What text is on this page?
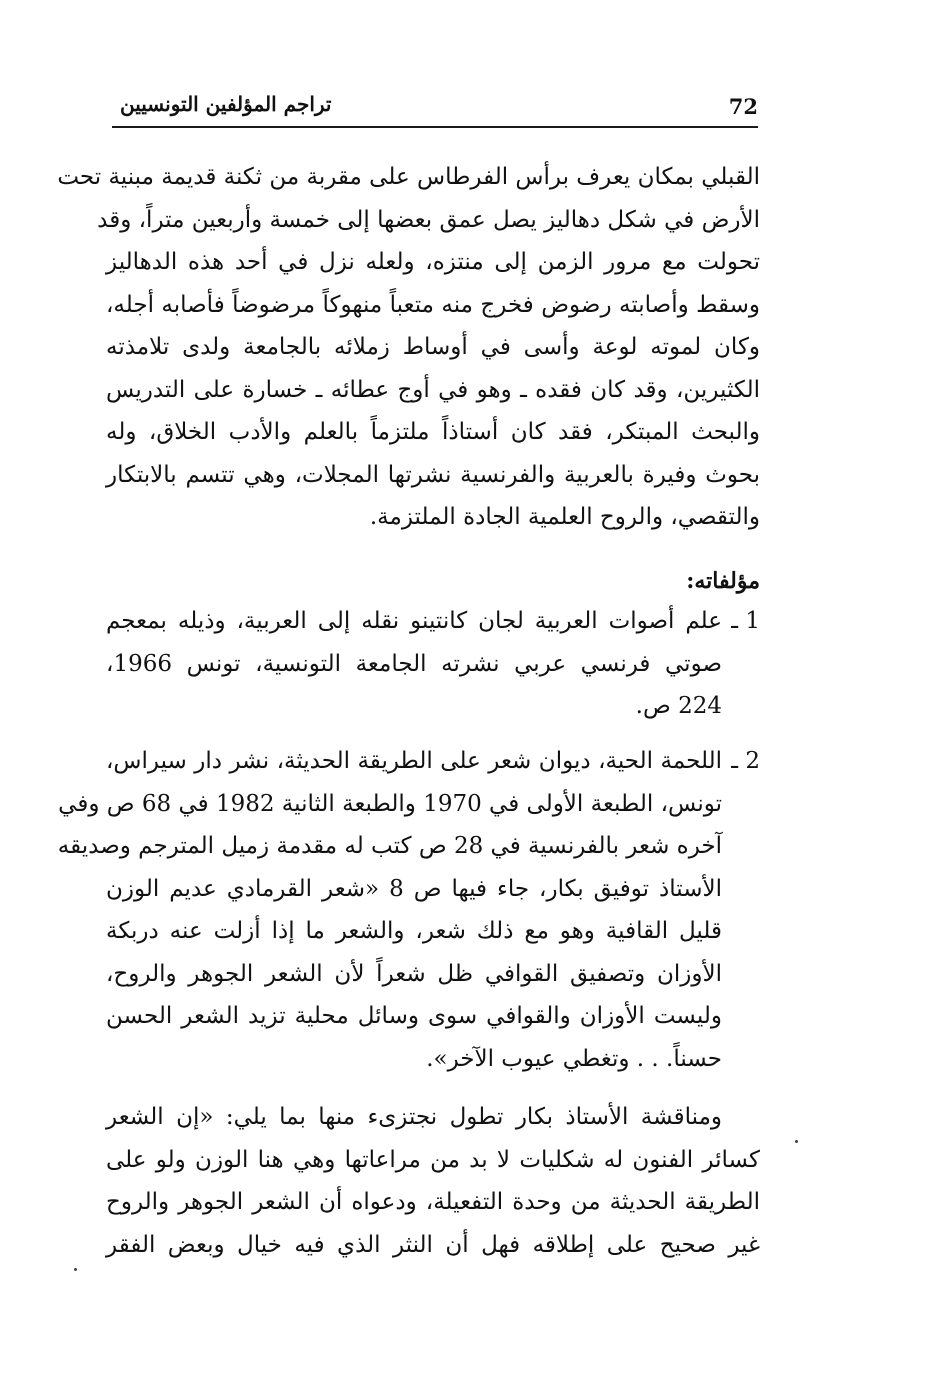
72
تراجم المؤلفين التونسيين
القبلي بمكان يعرف برأس الفرطاس على مقربة من ثكنة قديمة مبنية تحت
الأرض في شكل دهاليز يصل عمق بعضها إلى خمسة وأربعين متراً، وقد
تحولت مع مرور الزمن إلى منتزه، ولعله نزل في أحد هذه الدهاليز
وسقط وأصابته رضوض فخرج منه متعباً منهوكاً مرضوضاً فأصابه أجله،
وكان لموته لوعة وأسى في أوساط زملائه بالجامعة ولدى تلامذته
الكثيرين، وقد كان فقده ـ وهو في أوج عطائه ـ خسارة على التدريس
والبحث المبتكر، فقد كان أستاذاً ملتزماً بالعلم والأدب الخلاق، وله
بحوث وفيرة بالعربية والفرنسية نشرتها المجلات، وهي تتسم بالابتكار
والتقصي، والروح العلمية الجادة الملتزمة.
مؤلفاته:
1 ـ
علم أصوات العربية لجان كانتينو نقله إلى العربية، وذيله بمعجم
صوتي فرنسي عربي نشرته الجامعة التونسية، تونس 1966،
224 ص.
2 ـ
اللحمة الحية، ديوان شعر على الطريقة الحديثة، نشر دار سيراس،
تونس، الطبعة الأولى في 1970 والطبعة الثانية 1982 في 68 ص وفي
آخره شعر بالفرنسية في 28 ص كتب له مقدمة زميل المترجم وصديقه
الأستاذ توفيق بكار، جاء فيها ص 8 «شعر القرمادي عديم الوزن
قليل القافية وهو مع ذلك شعر، والشعر ما إذا أزلت عنه دربكة
الأوزان وتصفيق القوافي ظل شعراً لأن الشعر الجوهر والروح،
وليست الأوزان والقوافي سوى وسائل محلية تزيد الشعر الحسن
حسناً. . . وتغطي عيوب الآخر».
ومناقشة الأستاذ بكار تطول نجتزىء منها بما يلي: «إن الشعر
كسائر الفنون له شكليات لا بد من مراعاتها وهي هنا الوزن ولو على
الطريقة الحديثة من وحدة التفعيلة، ودعواه أن الشعر الجوهر والروح
غير صحيح على إطلاقه فهل أن النثر الذي فيه خيال وبعض الفقر
